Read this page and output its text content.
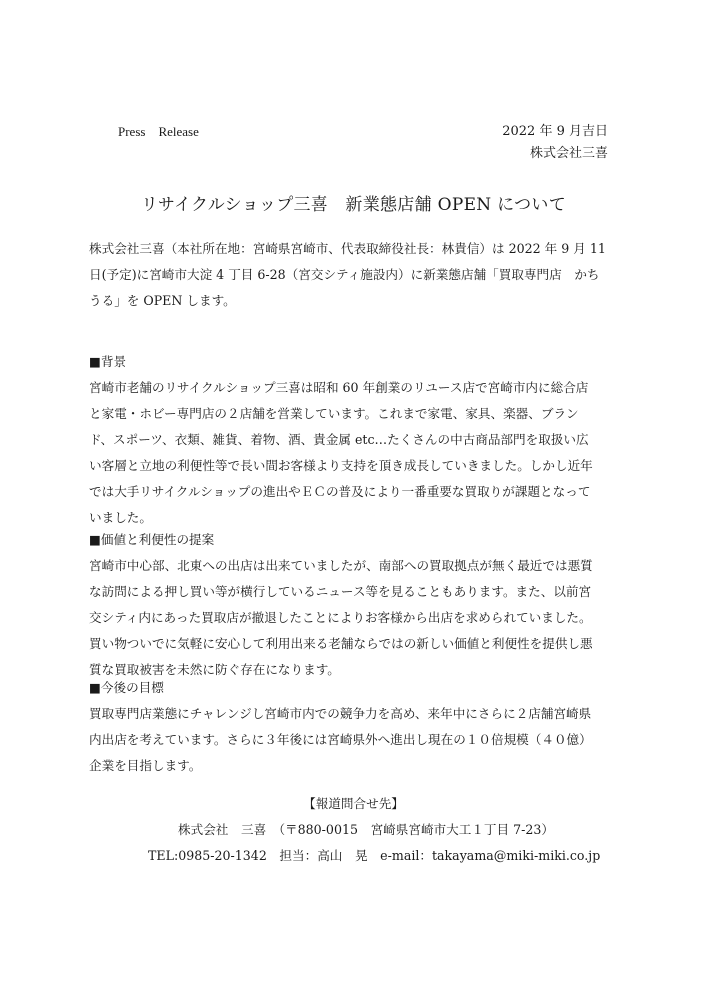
Press　Release	2022 年 9 月吉日
株式会社三喜
リサイクルショップ三喜　新業態店舗 OPEN について
株式会社三喜（本社所在地：宮崎県宮崎市、代表取締役社長：林貴信）は 2022 年 9 月 11
日(予定)に宮崎市大淀 4 丁目 6-28（宮交シティ施設内）に新業態店舗「買取専門店　かち
うる」を OPEN します。
■背景
宮崎市老舗のリサイクルショップ三喜は昭和 60 年創業のリユース店で宮崎市内に総合店
と家電・ホビー専門店の２店舗を営業しています。これまで家電、家具、楽器、ブラン
ド、スポーツ、衣類、雑貨、着物、酒、貴金属 etc…たくさんの中古商品部門を取扱い広
い客層と立地の利便性等で長い間お客様より支持を頂き成長していきました。しかし近年
では大手リサイクルショップの進出やＥＣの普及により一番重要な買取りが課題となって
いました。
■価値と利便性の提案
宮崎市中心部、北東への出店は出来ていましたが、南部への買取拠点が無く最近では悪質
な訪問による押し買い等が横行しているニュース等を見ることもあります。また、以前宮
交シティ内にあった買取店が撤退したことによりお客様から出店を求められていました。
買い物ついでに気軽に安心して利用出来る老舗ならではの新しい価値と利便性を提供し悪
質な買取被害を未然に防ぐ存在になります。
■今後の目標
買取専門店業態にチャレンジし宮崎市内での競争力を高め、来年中にさらに２店舗宮崎県
内出店を考えています。さらに３年後には宮崎県外へ進出し現在の１０倍規模（４０億）
企業を目指します。
【報道問合せ先】
株式会社　三喜　（〒880-0015　宮崎県宮崎市大工１丁目 7-23）
TEL:0985-20-1342　担当：高山　晃　e-mail：takayama@miki-miki.co.jp
